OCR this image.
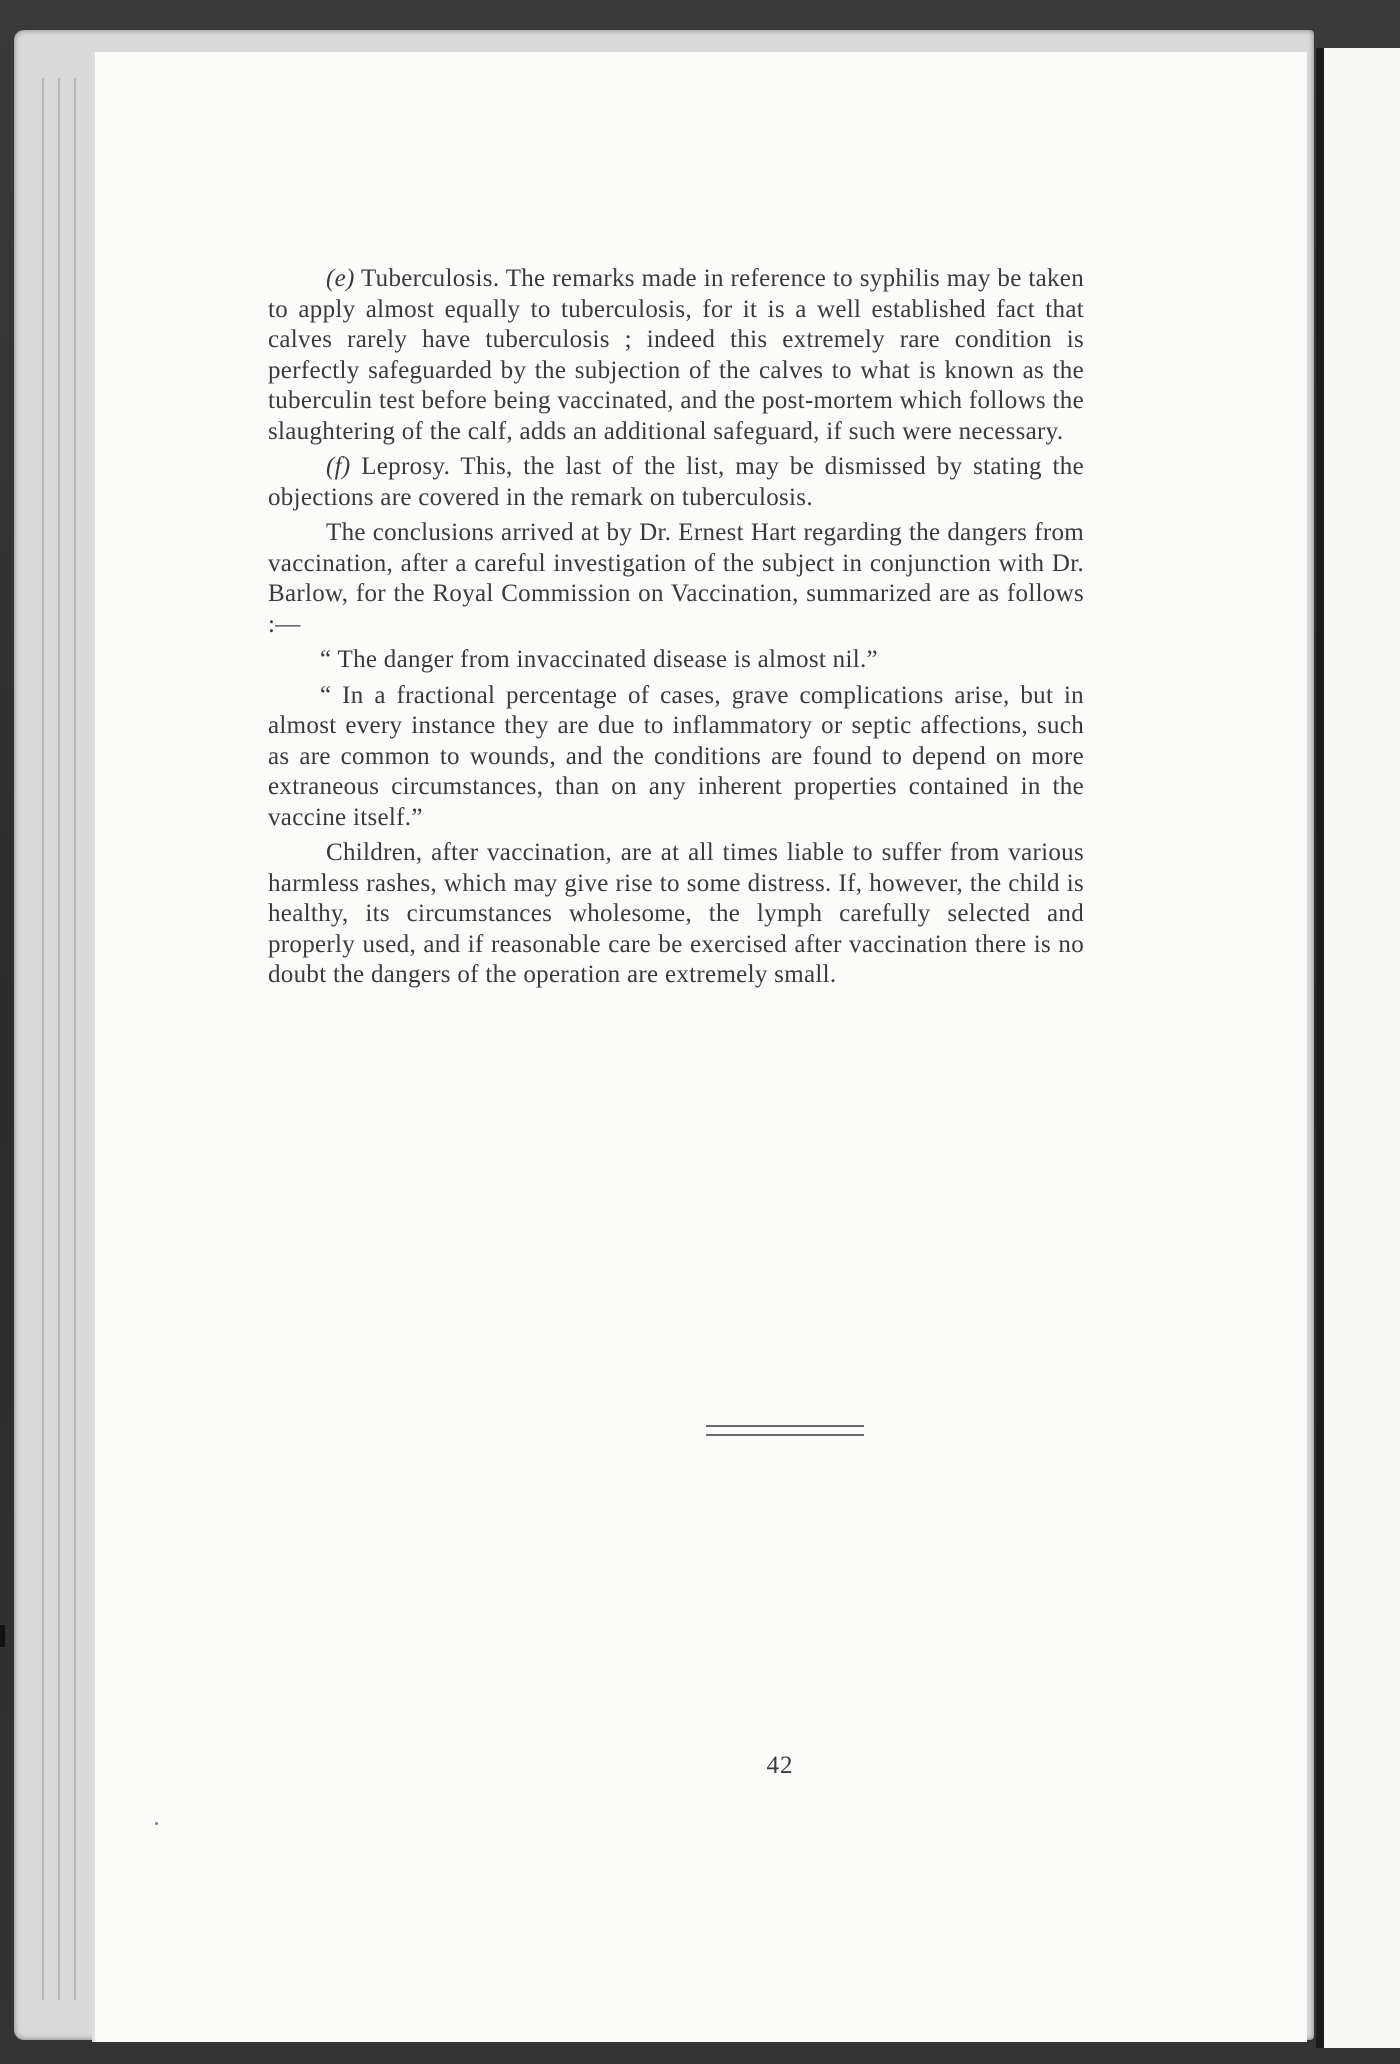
(e) Tuberculosis. The remarks made in reference to syphilis may be taken to apply almost equally to tuberculosis, for it is a well established fact that calves rarely have tuberculosis ; indeed this extremely rare condition is perfectly safeguarded by the subjection of the calves to what is known as the tuberculin test before being vaccinated, and the post-mortem which follows the slaughtering of the calf, adds an additional safeguard, if such were necessary.

(f) Leprosy. This, the last of the list, may be dismissed by stating the objections are covered in the remark on tuberculosis.

The conclusions arrived at by Dr. Ernest Hart regarding the dangers from vaccination, after a careful investigation of the subject in conjunction with Dr. Barlow, for the Royal Commission on Vaccination, summarized are as follows :—

“ The danger from invaccinated disease is almost nil.”

“ In a fractional percentage of cases, grave complications arise, but in almost every instance they are due to inflammatory or septic affections, such as are common to wounds, and the conditions are found to depend on more extraneous circumstances, than on any inherent properties contained in the vaccine itself.”

Children, after vaccination, are at all times liable to suffer from various harmless rashes, which may give rise to some distress. If, however, the child is healthy, its circumstances wholesome, the lymph carefully selected and properly used, and if reasonable care be exercised after vaccination there is no doubt the dangers of the operation are extremely small.

42
